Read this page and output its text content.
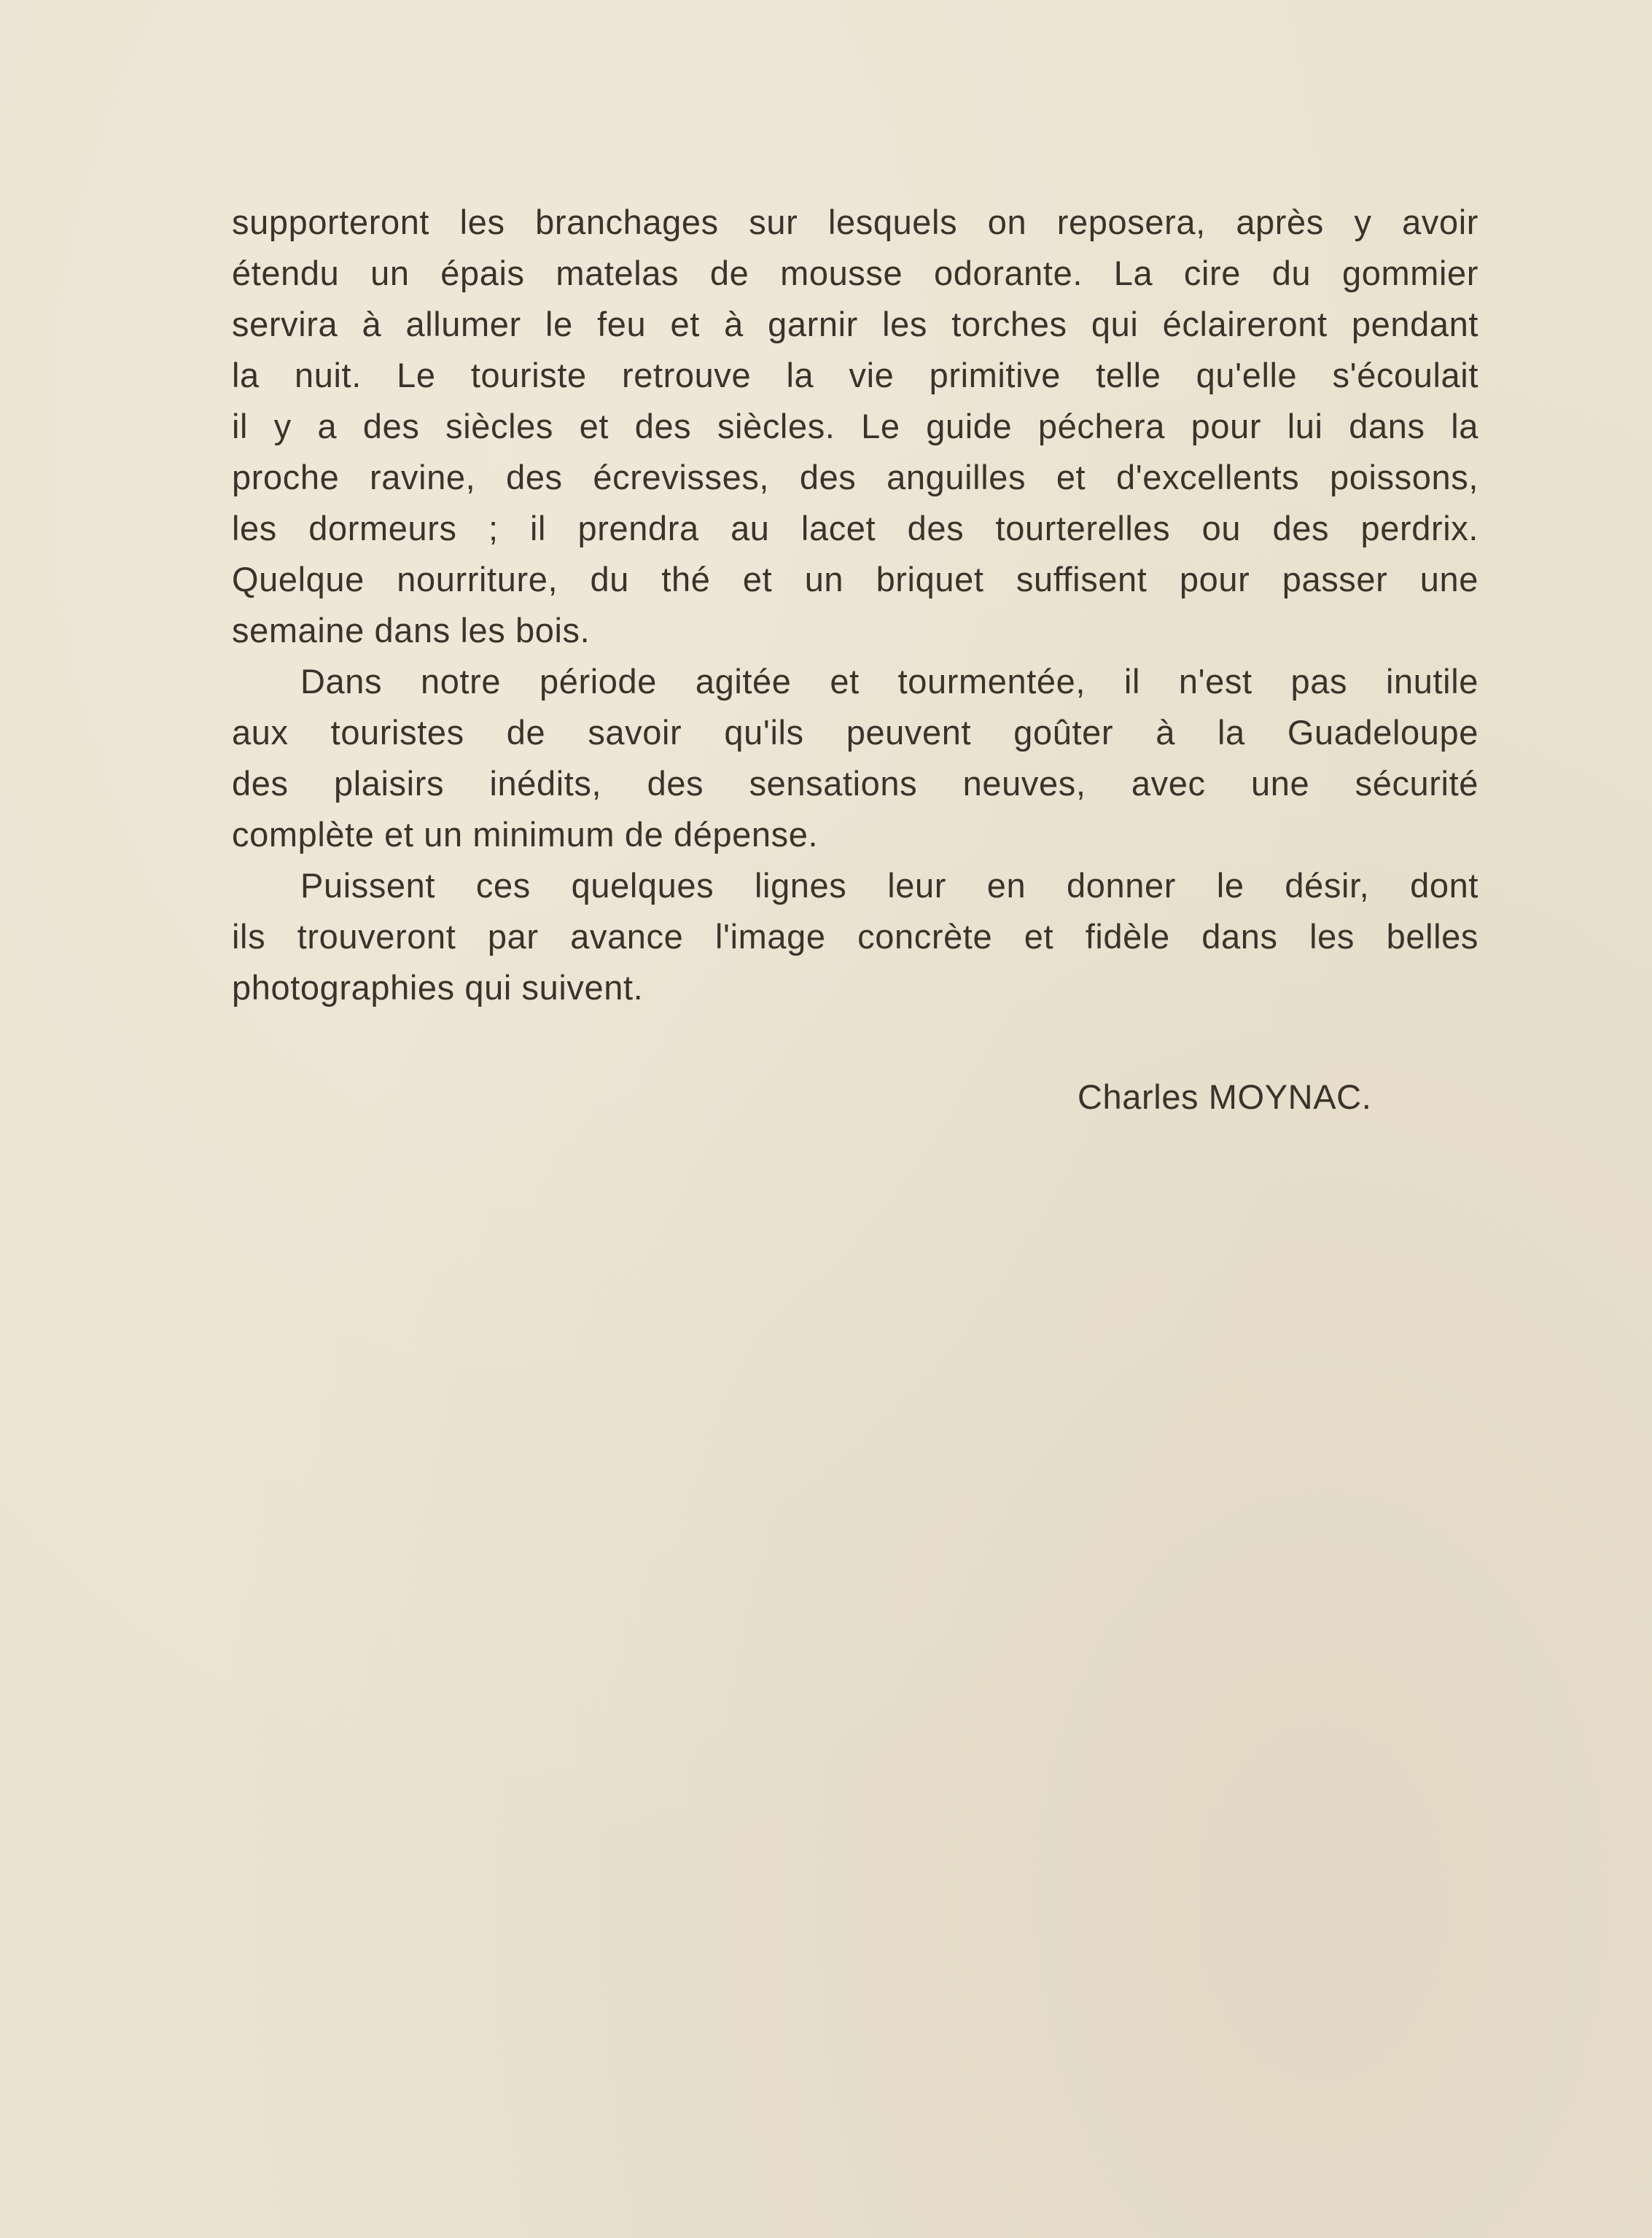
supporteront les branchages sur lesquels on reposera, après y avoir
étendu un épais matelas de mousse odorante. La cire du gommier
servira à allumer le feu et à garnir les torches qui éclaireront pendant
la nuit. Le touriste retrouve la vie primitive telle qu'elle s'écoulait
il y a des siècles et des siècles. Le guide péchera pour lui dans la
proche ravine, des écrevisses, des anguilles et d'excellents poissons,
les dormeurs ; il prendra au lacet des tourterelles ou des perdrix.
Quelque nourriture, du thé et un briquet suffisent pour passer une
semaine dans les bois.
Dans notre période agitée et tourmentée, il n'est pas inutile
aux touristes de savoir qu'ils peuvent goûter à la Guadeloupe
des plaisirs inédits, des sensations neuves, avec une sécurité
complète et un minimum de dépense.
Puissent ces quelques lignes leur en donner le désir, dont
ils trouveront par avance l'image concrète et fidèle dans les belles
photographies qui suivent.
Charles MOYNAC.
